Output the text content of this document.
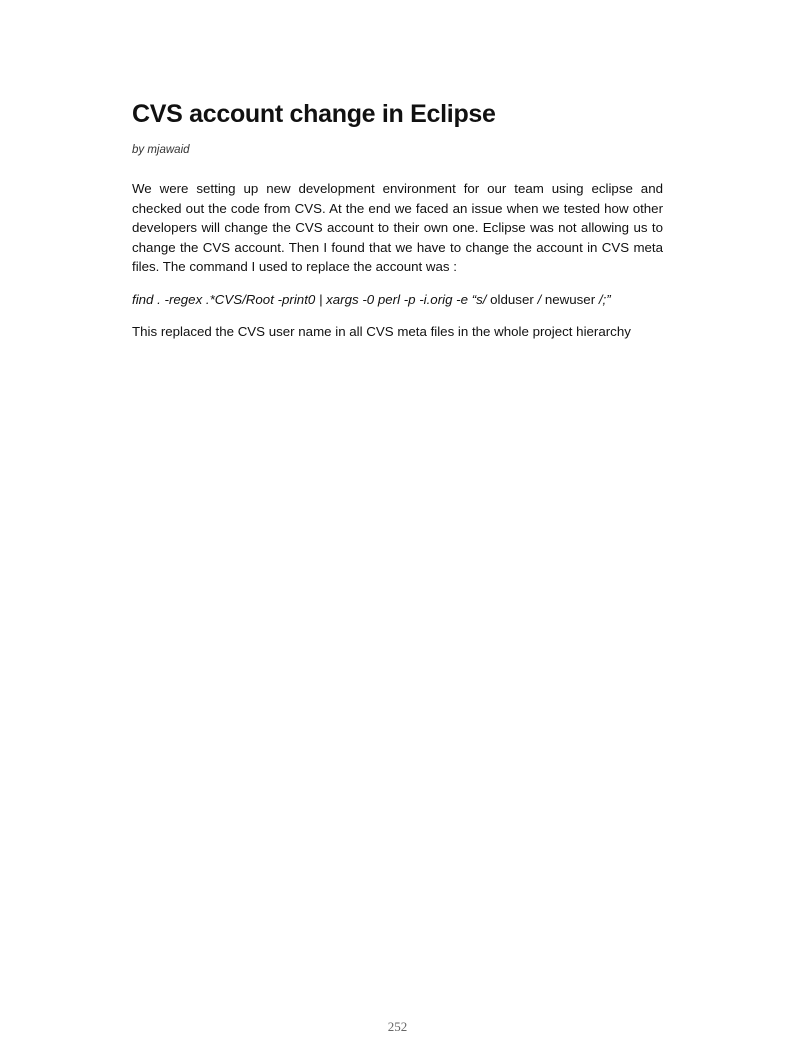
CVS account change in Eclipse

by mjawaid

We were setting up new development environment for our team using eclipse and checked out the code from CVS. At the end we faced an issue when we tested how other developers will change the CVS account to their own one. Eclipse was not allowing us to change the CVS account. Then I found that we have to change the account in CVS meta files. The command I used to replace the account was :

find . -regex .*CVS/Root -print0 | xargs -0 perl -p -i.orig -e “s/ olduser / newuser /;”

This replaced the CVS user name in all CVS meta files in the whole project hierarchy

252
